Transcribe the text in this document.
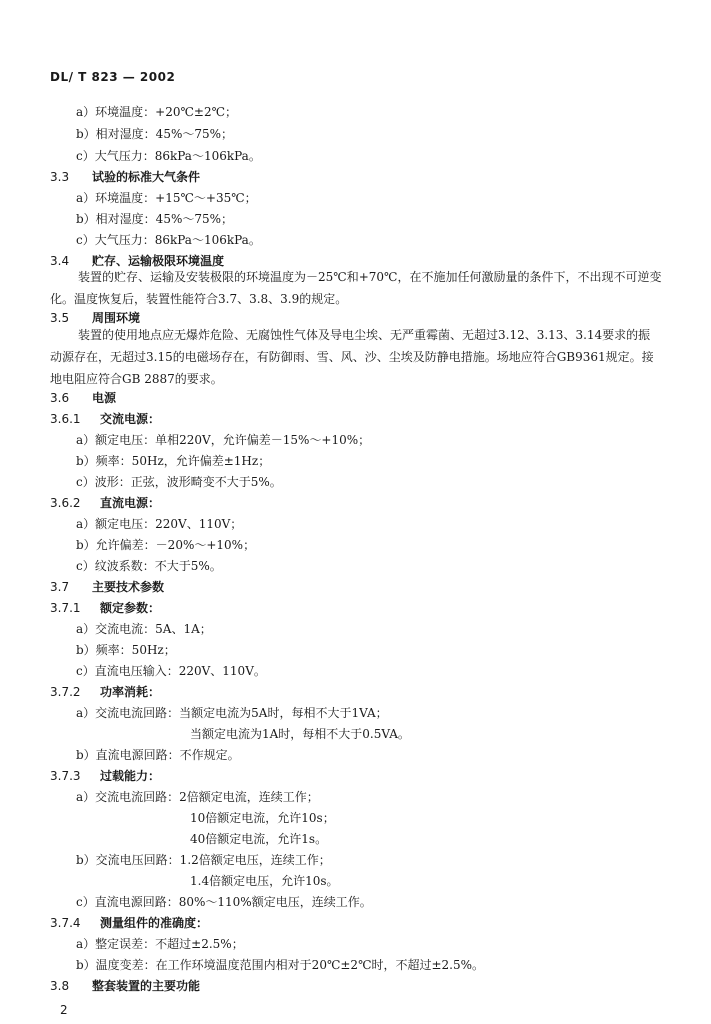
DL/ T 823 — 2002
a）环境温度：+20℃±2℃；
b）相对湿度：45%～75%；
c）大气压力：86kPa～106kPa。
3.3 试验的标准大气条件
a）环境温度：+15℃～+35℃；
b）相对湿度：45%～75%；
c）大气压力：86kPa～106kPa。
3.4 贮存、运输极限环境温度
装置的贮存、运输及安装极限的环境温度为－25℃和+70℃，在不施加任何激励量的条件下，不出现不可逆变化。温度恢复后，装置性能符合3.7、3.8、3.9的规定。
3.5 周围环境
装置的使用地点应无爆炸危险、无腐蚀性气体及导电尘埃、无严重霉菌、无超过3.12、3.13、3.14要求的振动源存在，无超过3.15的电磁场存在，有防御雨、雪、风、沙、尘埃及防静电措施。场地应符合GB9361规定。接地电阻应符合GB 2887的要求。
3.6 电源
3.6.1 交流电源：
a）额定电压：单相220V，允许偏差－15%～+10%；
b）频率：50Hz，允许偏差±1Hz；
c）波形：正弦，波形畸变不大于5%。
3.6.2 直流电源：
a）额定电压：220V、110V；
b）允许偏差：－20%～+10%；
c）纹波系数：不大于5%。
3.7 主要技术参数
3.7.1 额定参数：
a）交流电流：5A、1A；
b）频率：50Hz；
c）直流电压输入：220V、110V。
3.7.2 功率消耗：
a）交流电流回路：当额定电流为5A时，每相不大于1VA；
当额定电流为1A时，每相不大于0.5VA。
b）直流电源回路：不作规定。
3.7.3 过载能力：
a）交流电流回路：2倍额定电流，连续工作；
10倍额定电流，允许10s；
40倍额定电流，允许1s。
b）交流电压回路：1.2倍额定电压，连续工作；
1.4倍额定电压，允许10s。
c）直流电源回路：80%～110%额定电压，连续工作。
3.7.4 测量组件的准确度：
a）整定误差：不超过±2.5%；
b）温度变差：在工作环境温度范围内相对于20℃±2℃时，不超过±2.5%。
3.8 整套装置的主要功能
2
